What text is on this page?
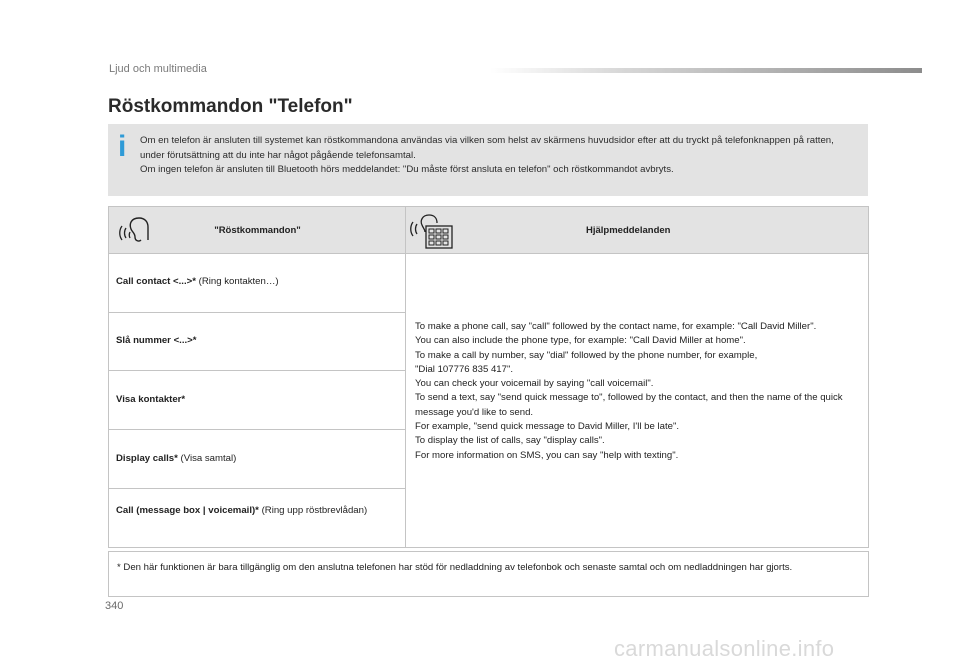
Ljud och multimedia
Röstkommandon "Telefon"
i Om en telefon är ansluten till systemet kan röstkommandona användas via vilken som helst av skärmens huvudsidor efter att du tryckt på telefonknappen på ratten, under förutsättning att du inte har något pågående telefonsamtal.

Om ingen telefon är ansluten till Bluetooth hörs meddelandet: "Du måste först ansluta en telefon" och röstkommandot avbryts.

"Röstkommandon"	Hjälpmeddelanden
Call contact <...>* (Ring kontakten…)
Slå nummer <...>*
Visa kontakter*
Display calls* (Visa samtal)
Call (message box | voicemail)* (Ring upp röstbrevlådan)

To make a phone call, say "call" followed by the contact name, for example: "Call David Miller".

You can also include the phone type, for example: "Call David Miller at home".

To make a call by number, say "dial" followed by the phone number, for example,

"Dial 107776 835 417".

You can check your voicemail by saying "call voicemail".

To send a text, say "send quick message to", followed by the contact, and then the name of the quick message you'd like to send.

For example, "send quick message to David Miller, I'll be late".

To display the list of calls, say "display calls".

For more information on SMS, you can say "help with texting".

* Den här funktionen är bara tillgänglig om den anslutna telefonen har stöd för nedladdning av telefonbok och senaste samtal och om nedladdningen har gjorts.
340
carmanualsonline.info
